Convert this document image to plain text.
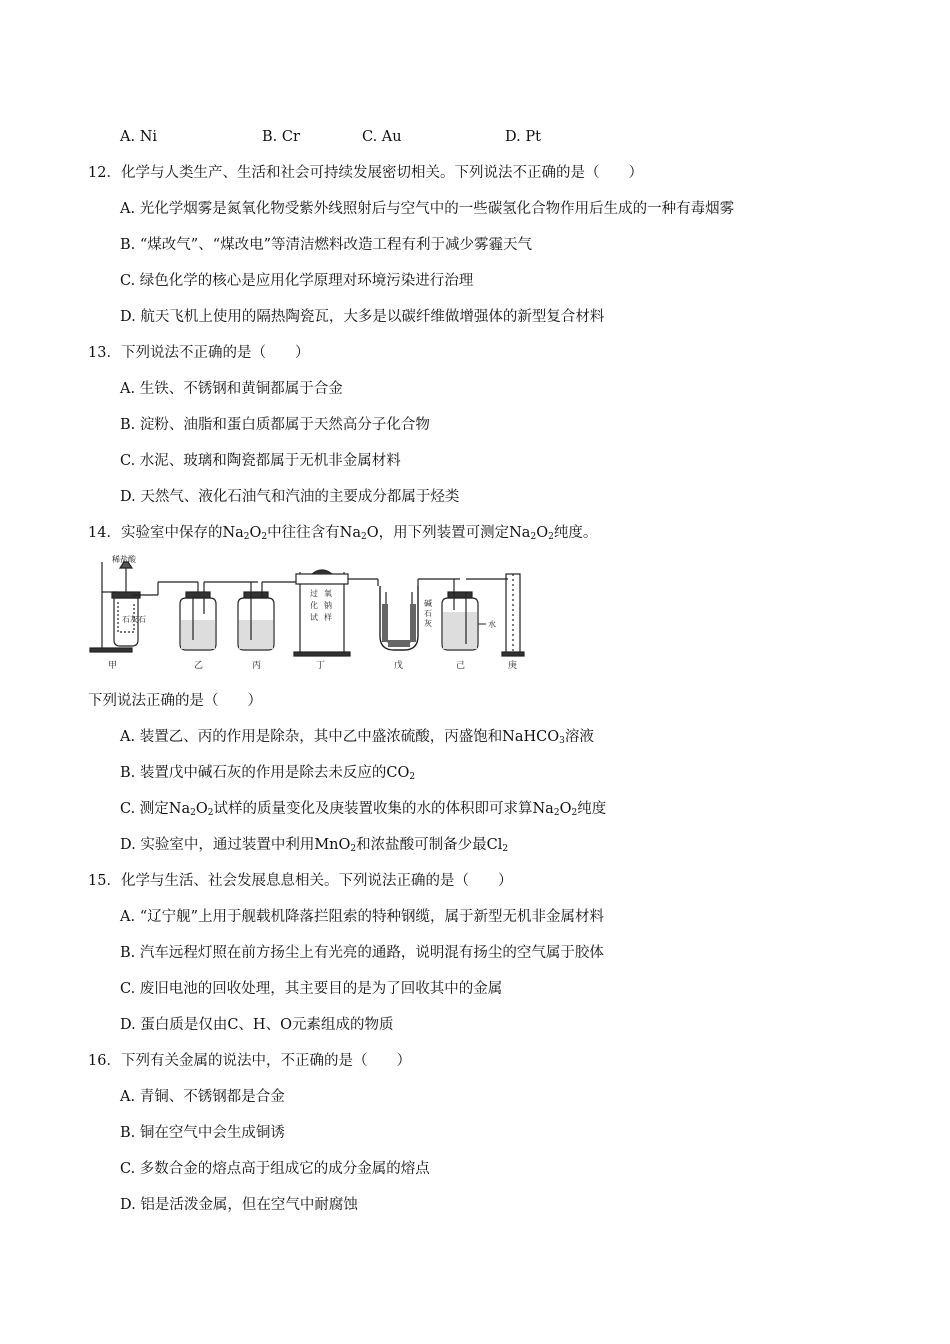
A. Ni	B. Cr	C. Au	D. Pt
12．化学与人类生产、生活和社会可持续发展密切相关。下列说法不正确的是（　　）
A. 光化学烟雾是氮氧化物受紫外线照射后与空气中的一些碳氢化合物作用后生成的一种有毒烟雾
B. “煤改气”、“煤改电”等清洁燃料改造工程有利于减少雾霾天气
C. 绿色化学的核心是应用化学原理对环境污染进行治理
D. 航天飞机上使用的隔热陶瓷瓦，大多是以碳纤维做增强体的新型复合材料
13．下列说法不正确的是（　　）
A. 生铁、不锈钢和黄铜都属于合金
B. 淀粉、油脂和蛋白质都属于天然高分子化合物
C. 水泥、玻璃和陶瓷都属于无机非金属材料
D. 天然气、液化石油气和汽油的主要成分都属于烃类
14．实验室中保存的$Na_2O_2$中往往含有$Na_2O$，用下列装置可测定$Na_2O_2$纯度。
稀盐酸
石灰石
过 氧
化 钠
试 样
碱
石
灰	水
甲	乙	丙	丁	戊	己	庚
下列说法正确的是（　　）
A. 装置乙、丙的作用是除杂，其中乙中盛浓硫酸，丙盛饱和NaHCO$_3$溶液
B. 装置戊中碱石灰的作用是除去未反应的$CO_2$
C. 测定$Na_2O_2$试样的质量变化及庚装置收集的水的体积即可求算$Na_2O_2$纯度
D. 实验室中，通过装置中利用MnO$_2$和浓盐酸可制备少最$Cl_2$
15．化学与生活、社会发展息息相关。下列说法正确的是（　　）
A. “辽宁舰”上用于舰载机降落拦阻索的特种钢缆，属于新型无机非金属材料
B. 汽车远程灯照在前方扬尘上有光亮的通路，说明混有扬尘的空气属于胶体
C. 废旧电池的回收处理，其主要目的是为了回收其中的金属
D. 蛋白质是仅由C、H、O元素组成的物质
16．下列有关金属的说法中，不正确的是（　　）
A. 青铜、不锈钢都是合金
B. 铜在空气中会生成铜诱
C. 多数合金的熔点高于组成它的成分金属的熔点
D. 铝是活泼金属，但在空气中耐腐蚀
